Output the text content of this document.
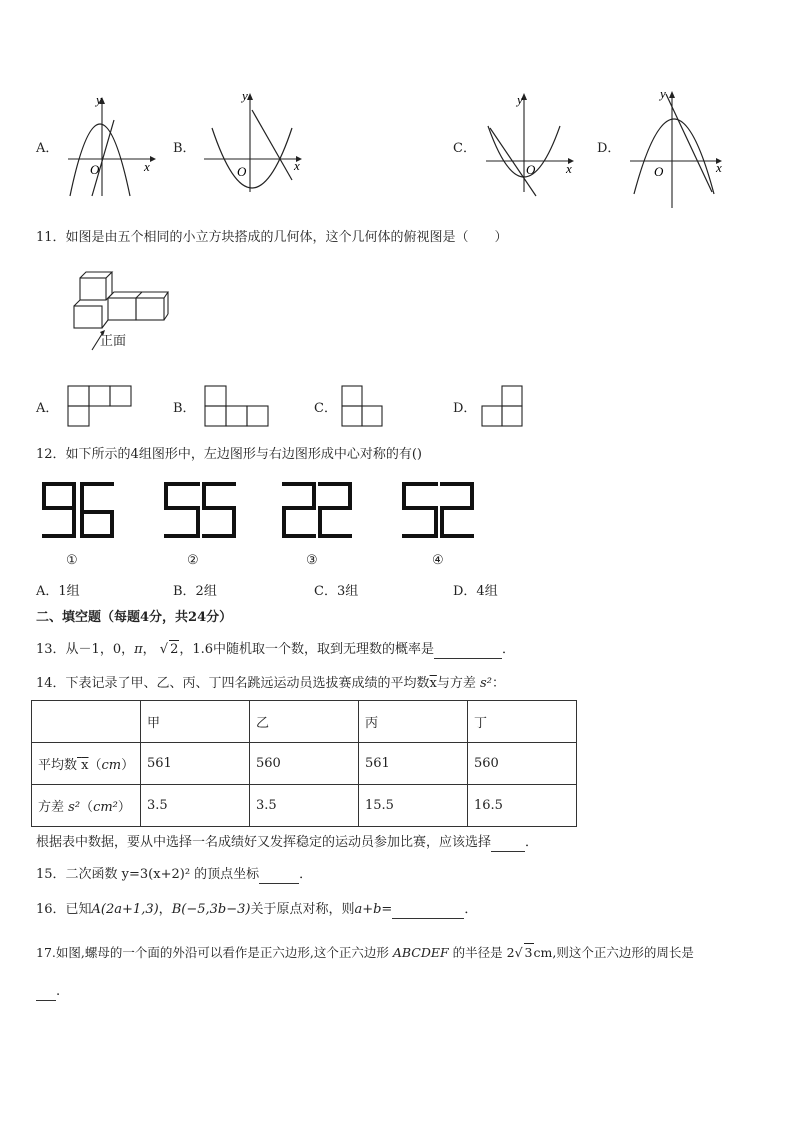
A．
y
x
O
B．
y
x
O
C．
y
x
O
D．
y
x
O
11．如图是由五个相同的小立方块搭成的几何体，这个几何体的俯视图是（　　）
正面
A．	B．	C．	D．
12．如下所示的4组图形中，左边图形与右边图形成中心对称的有()
①	②	③	④
A．1组	B．2组	C．3组	D．4组
二、填空题（每题4分，共24分）
13．从－1，0，π， √ 2，1.6中随机取一个数，取到无理数的概率是	．
14．下表记录了甲、乙、丙、丁四名跳远运动员选拔赛成绩的平均数$\overline{x}$与方差 s²：
	甲	乙	丙	丁
平均数 x（cm）	561	560	561	560
方差 s²（cm²）	3.5	3.5	15.5	16.5
根据表中数据，要从中选择一名成绩好又发挥稳定的运动员参加比赛，应该选择	．
15．二次函数 y=3(x+2)² 的顶点坐标	．
16．已知A(2a+1,3)，B(−5,3b−3)关于原点对称，则a+b=	．
17.如图,螺母的一个面的外沿可以看作是正六边形,这个正六边形 ABCDEF 的半径是 2√ 3cm,则这个正六边形的周长是
.
